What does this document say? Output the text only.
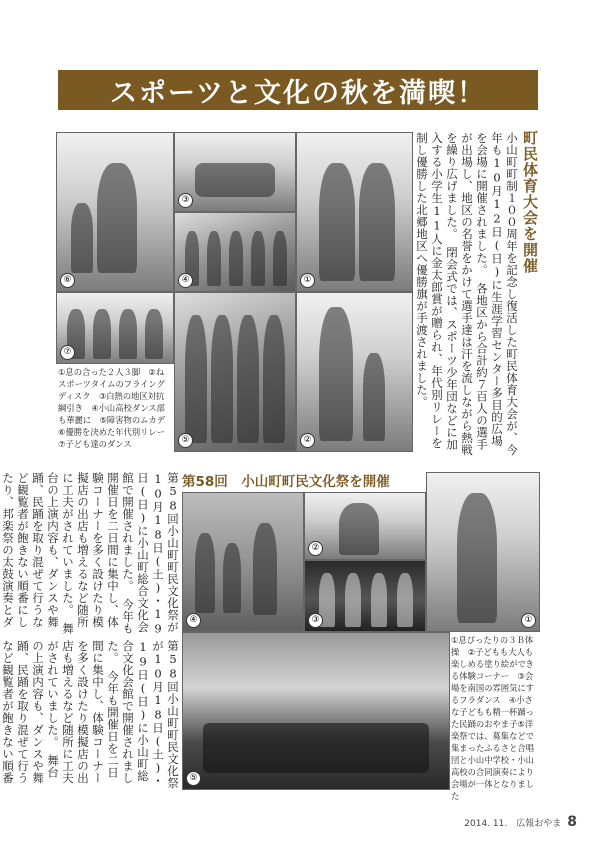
スポーツと文化の秋を満喫！
⑥
③
④	①
⑦
①息の合った２人３脚　②ねスポーツタイムのフライングディスク　③白熱の地区対抗綱引き　④小山高校ダンス部も華麗に　⑤障害物のムカデ⑥優勝を決めた年代別リレー⑦子ども達のダンス	⑤	②
町民体育大会を開催
小山町町制１００周年を記念し復活した町民体育大会が、今年も10月12日(日)に生涯学習センター多目的広場を会場に開催されました。　各地区から合計約７百人の選手が出場し、地区の名誉をかけて選手達は汗を流しながら熱戦を繰り広げました。　閉会式では、スポーツ少年団などに加入する小学生11人に金太郎賞が贈られ、年代別リレーを制し優勝した北郷地区へ優勝旗が手渡されました。
第58回小山町町民文化祭が10月18日(土)・19日(日)に小山町総合文化会館で開催されました。　今年も開催日を二日間に集中し、体験コーナーを多く設けたり模擬店の出店も増えるなど随所に工夫がされていました。　舞台の上演内容も、ダンスや舞踊、民踊を取り混ぜて行うなど観覧者が飽きない順番にしたり、邦楽祭の太鼓演奏とダ　
第58回　小山町町民文化祭を開催
④
②
③	①
⑤
第58回小山町町民文化祭が10月18日(土)・19日(日)に小山町総合文化会館で開催されました。　今年も開催日を二日間に集中し、体験コーナーを多く設けたり模擬店の出店も増えるなど随所に工夫がされていました。　舞台の上演内容も、ダンスや舞踊、民踊を取り混ぜて行うなど観覧者が飽きない順番　
①息ぴったりの３Ｂ体操　②子どもも大人も楽しめる塗り絵ができる体験コーナー　③会場を南国の雰囲気にするフラダンス　④小さな子どもも精一杯踊った民踊のおやま子⑤洋楽祭では、募集などで集まったふるさと合唱団と小山中学校・小山高校の合同演奏により会場が一体となりました
2014. 11.　広報おやま 8
